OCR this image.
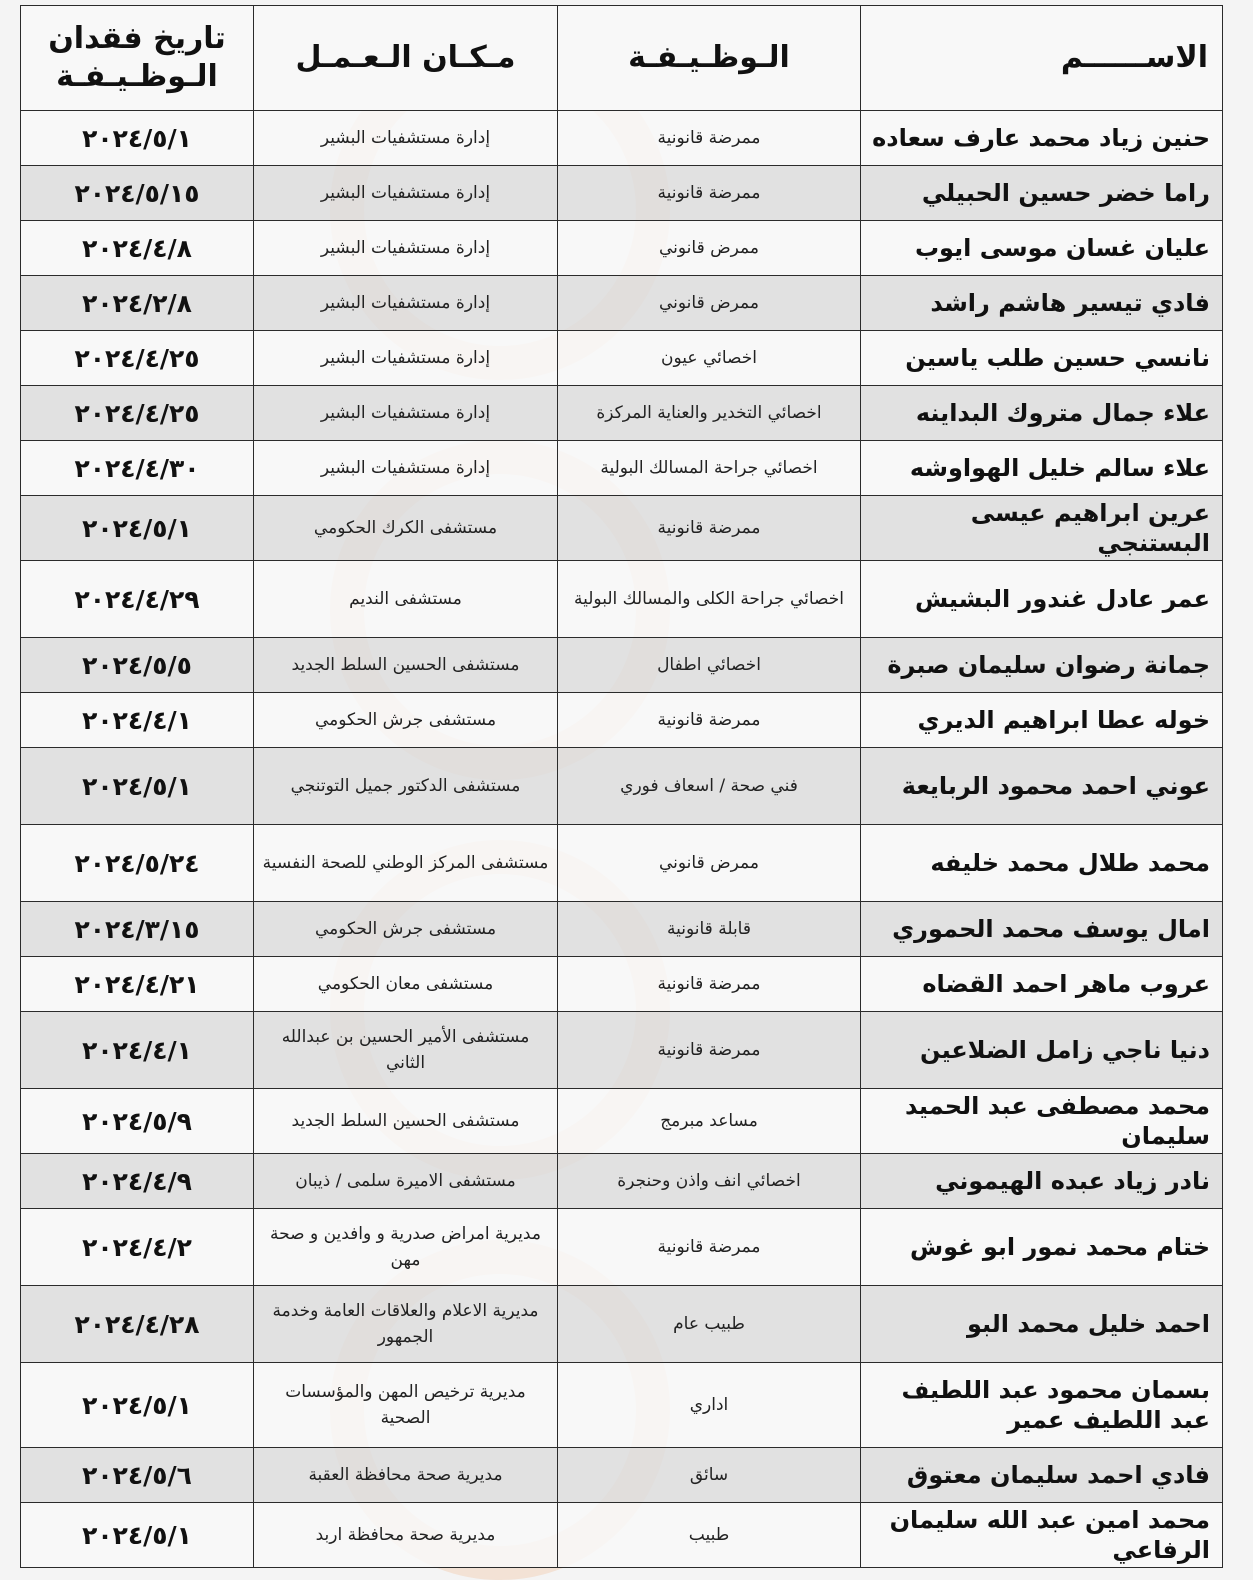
الاســــــم	الـوظـيـفـة	مـكـان الـعـمـل	تاريخ فقدان الـوظـيـفـة
حنين زياد محمد عارف سعاده	ممرضة قانونية	إدارة مستشفيات البشير	٢٠٢٤/٥/١
راما خضر حسين الحبيلي	ممرضة قانونية	إدارة مستشفيات البشير	٢٠٢٤/٥/١٥
عليان غسان موسى ايوب	ممرض قانوني	إدارة مستشفيات البشير	٢٠٢٤/٤/٨
فادي تيسير هاشم راشد	ممرض قانوني	إدارة مستشفيات البشير	٢٠٢٤/٢/٨
نانسي حسين طلب ياسين	اخصائي عيون	إدارة مستشفيات البشير	٢٠٢٤/٤/٢٥
علاء جمال متروك البداينه	اخصائي التخدير والعناية المركزة	إدارة مستشفيات البشير	٢٠٢٤/٤/٢٥
علاء سالم خليل الهواوشه	اخصائي جراحة المسالك البولية	إدارة مستشفيات البشير	٢٠٢٤/٤/٣٠
عرين ابراهيم عيسى البستنجي	ممرضة قانونية	مستشفى الكرك الحكومي	٢٠٢٤/٥/١
عمر عادل غندور البشيش	اخصائي جراحة الكلى والمسالك البولية	مستشفى النديم	٢٠٢٤/٤/٢٩
جمانة رضوان سليمان صبرة	اخصائي اطفال	مستشفى الحسين السلط الجديد	٢٠٢٤/٥/٥
خوله عطا ابراهيم الديري	ممرضة قانونية	مستشفى جرش الحكومي	٢٠٢٤/٤/١
عوني احمد محمود الربايعة	فني صحة / اسعاف فوري	مستشفى الدكتور جميل التوتنجي	٢٠٢٤/٥/١
محمد طلال محمد خليفه	ممرض قانوني	مستشفى المركز الوطني للصحة النفسية	٢٠٢٤/٥/٢٤
امال يوسف محمد الحموري	قابلة قانونية	مستشفى جرش الحكومي	٢٠٢٤/٣/١٥
عروب ماهر احمد القضاه	ممرضة قانونية	مستشفى معان الحكومي	٢٠٢٤/٤/٢١
دنيا ناجي زامل الضلاعين	ممرضة قانونية	مستشفى الأمير الحسين بن عبدالله الثاني	٢٠٢٤/٤/١
محمد مصطفى عبد الحميد سليمان	مساعد مبرمج	مستشفى الحسين السلط الجديد	٢٠٢٤/٥/٩
نادر زياد عبده الهيموني	اخصائي انف واذن وحنجرة	مستشفى الاميرة سلمى / ذيبان	٢٠٢٤/٤/٩
ختام محمد نمور ابو غوش	ممرضة قانونية	مديرية امراض صدرية و وافدين و صحة مهن	٢٠٢٤/٤/٢
احمد خليل محمد البو	طبيب عام	مديرية الاعلام والعلاقات العامة وخدمة الجمهور	٢٠٢٤/٤/٢٨
بسمان محمود عبد اللطيف عبد اللطيف عمير	اداري	مديرية ترخيص المهن والمؤسسات الصحية	٢٠٢٤/٥/١
فادي احمد سليمان معتوق	سائق	مديرية صحة محافظة العقبة	٢٠٢٤/٥/٦
محمد امين عبد الله سليمان الرفاعي	طبيب	مديرية صحة محافظة اربد	٢٠٢٤/٥/١
